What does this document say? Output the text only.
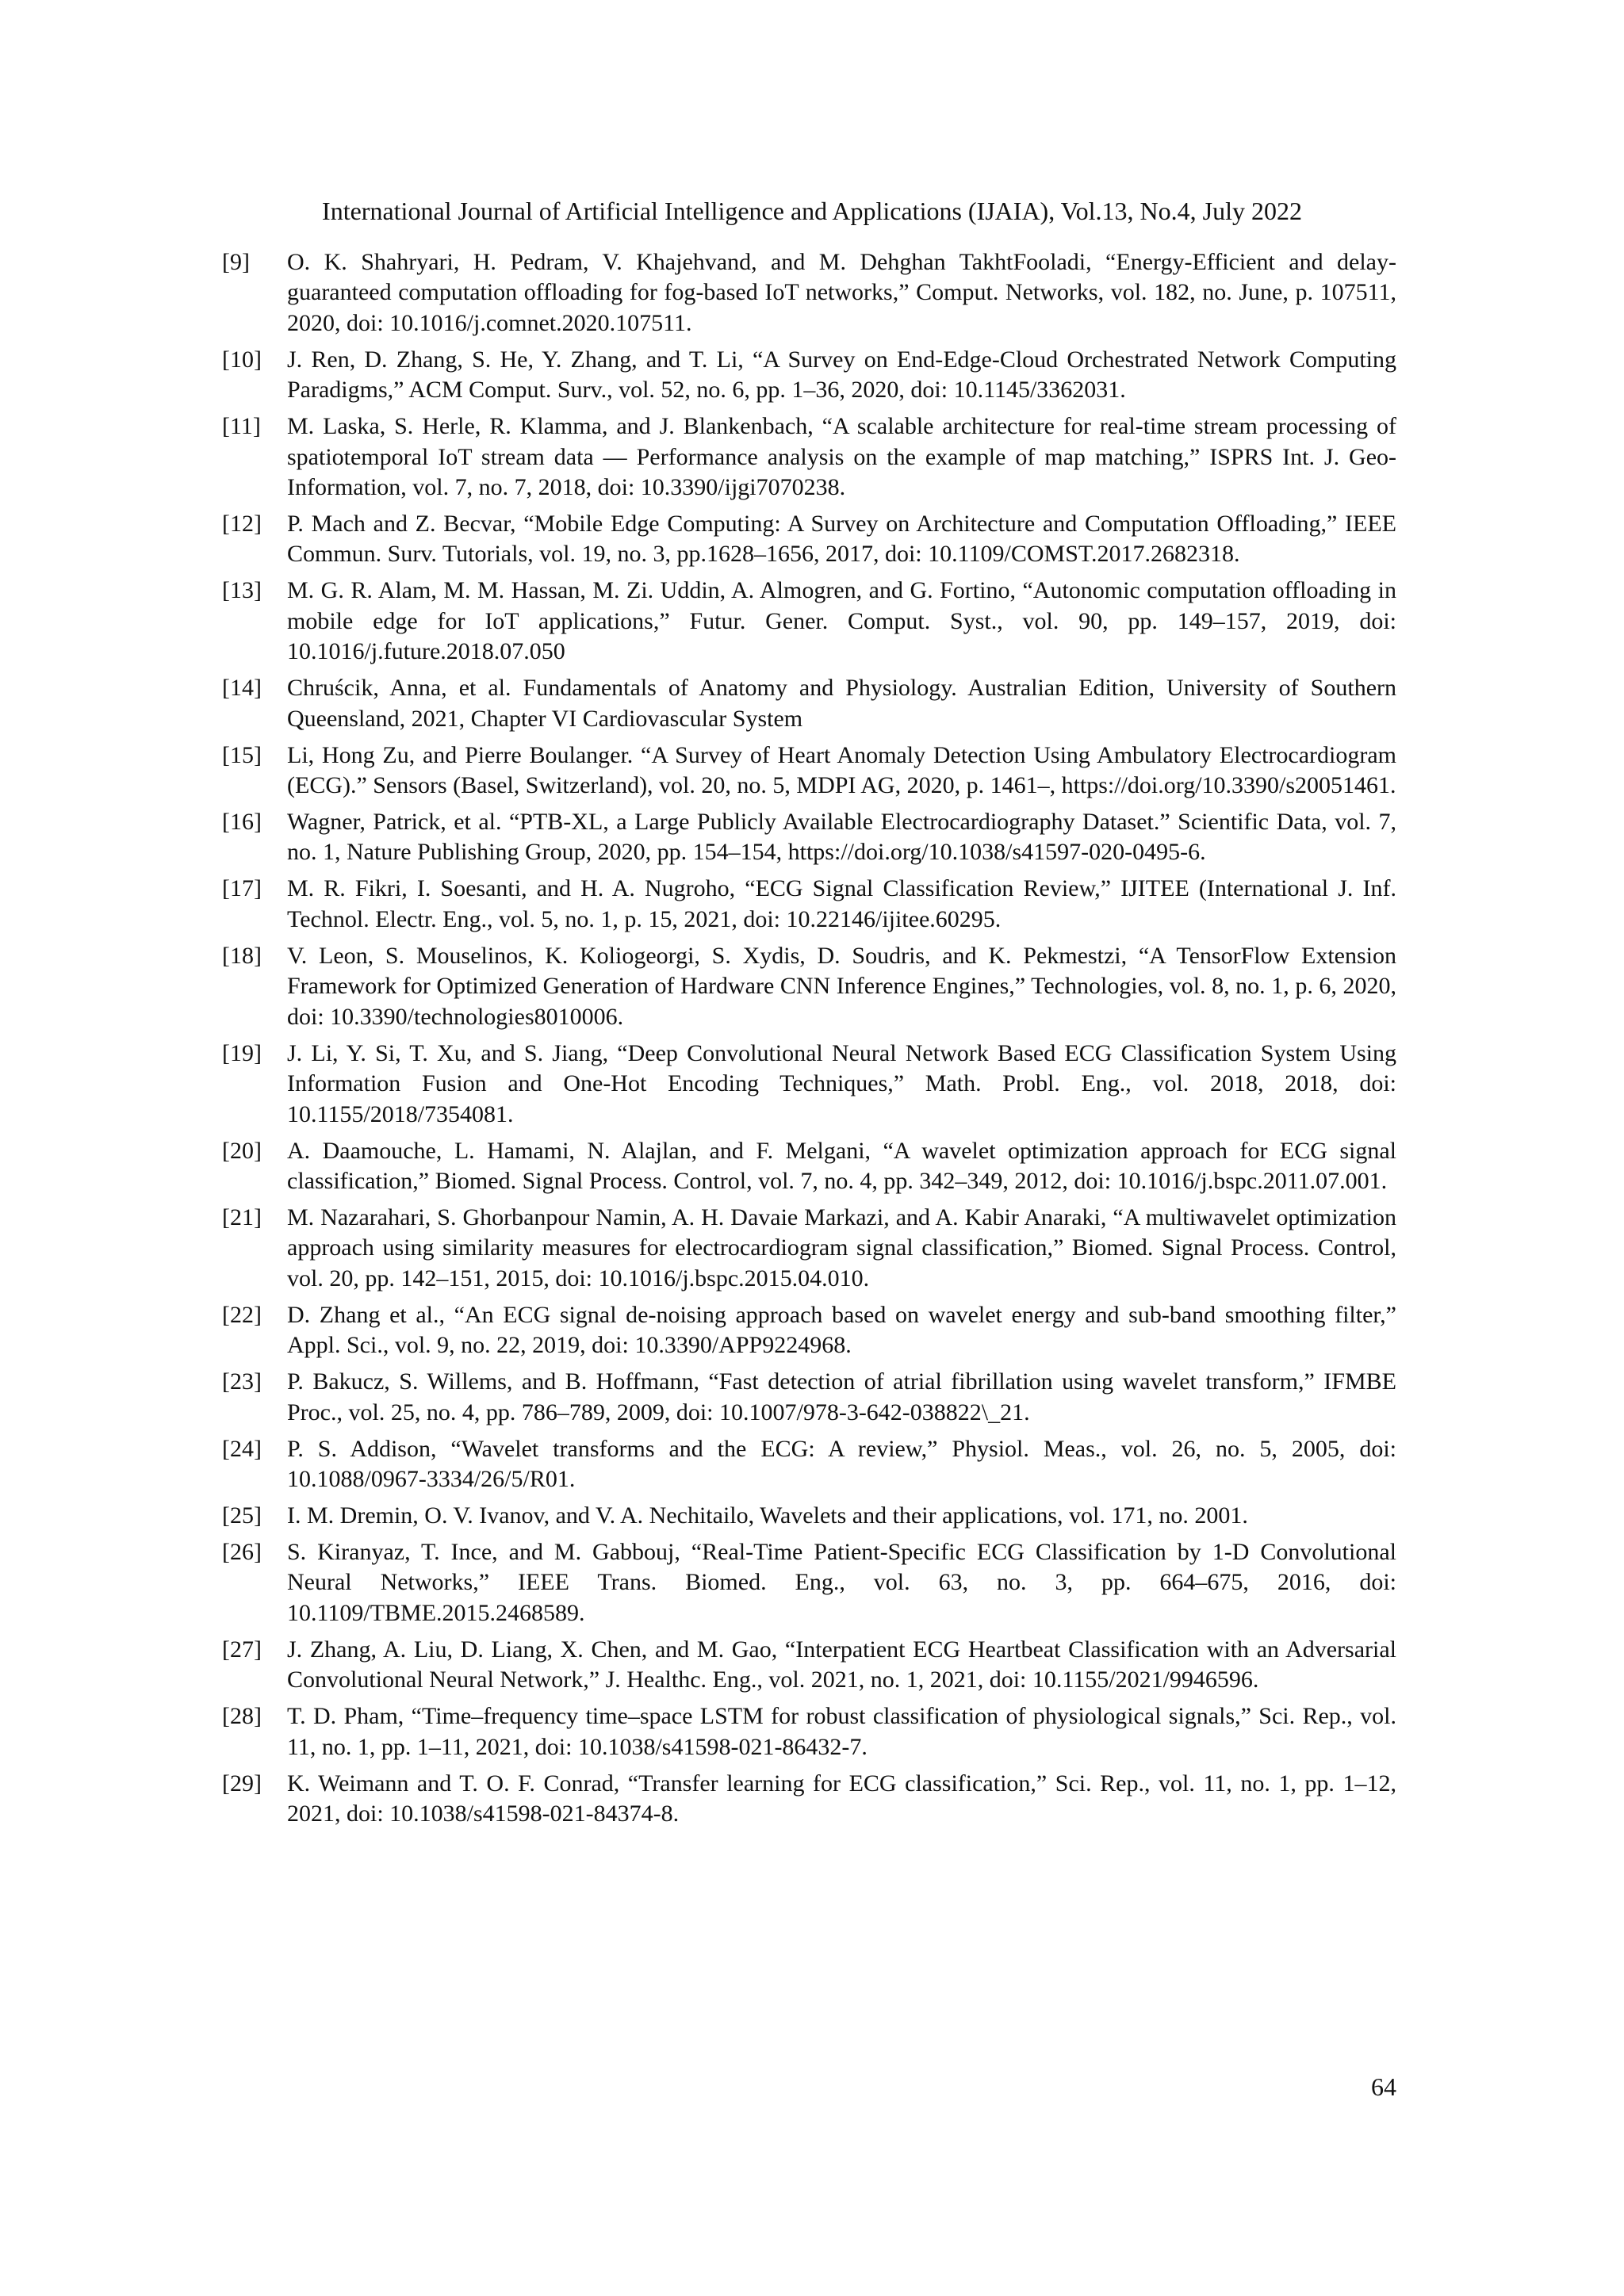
International Journal of Artificial Intelligence and Applications (IJAIA), Vol.13, No.4, July 2022
[9]	O. K. Shahryari, H. Pedram, V. Khajehvand, and M. Dehghan TakhtFooladi, “Energy-Efficient and delay-guaranteed computation offloading for fog-based IoT networks,” Comput. Networks, vol. 182, no. June, p. 107511, 2020, doi: 10.1016/j.comnet.2020.107511.
[10]	J. Ren, D. Zhang, S. He, Y. Zhang, and T. Li, “A Survey on End-Edge-Cloud Orchestrated Network Computing Paradigms,” ACM Comput. Surv., vol. 52, no. 6, pp. 1–36, 2020, doi: 10.1145/3362031.
[11]	M. Laska, S. Herle, R. Klamma, and J. Blankenbach, “A scalable architecture for real-time stream processing of spatiotemporal IoT stream data — Performance analysis on the example of map matching,” ISPRS Int. J. Geo-Information, vol. 7, no. 7, 2018, doi: 10.3390/ijgi7070238.
[12]	P. Mach and Z. Becvar, “Mobile Edge Computing: A Survey on Architecture and Computation Offloading,” IEEE Commun. Surv. Tutorials, vol. 19, no. 3, pp.1628–1656, 2017, doi: 10.1109/COMST.2017.2682318.
[13]	M. G. R. Alam, M. M. Hassan, M. Zi. Uddin, A. Almogren, and G. Fortino, “Autonomic computation offloading in mobile edge for IoT applications,” Futur. Gener. Comput. Syst., vol. 90, pp. 149–157, 2019, doi: 10.1016/j.future.2018.07.050
[14]	Chruścik, Anna, et al. Fundamentals of Anatomy and Physiology. Australian Edition, University of Southern Queensland, 2021, Chapter VI Cardiovascular System
[15]	Li, Hong Zu, and Pierre Boulanger. “A Survey of Heart Anomaly Detection Using Ambulatory Electrocardiogram (ECG).” Sensors (Basel, Switzerland), vol. 20, no. 5, MDPI AG, 2020, p. 1461–, https://doi.org/10.3390/s20051461.
[16]	Wagner, Patrick, et al. “PTB-XL, a Large Publicly Available Electrocardiography Dataset.” Scientific Data, vol. 7, no. 1, Nature Publishing Group, 2020, pp. 154–154, https://doi.org/10.1038/s41597-020-0495-6.
[17]	M. R. Fikri, I. Soesanti, and H. A. Nugroho, “ECG Signal Classification Review,” IJITEE (International J. Inf. Technol. Electr. Eng., vol. 5, no. 1, p. 15, 2021, doi: 10.22146/ijitee.60295.
[18]	V. Leon, S. Mouselinos, K. Koliogeorgi, S. Xydis, D. Soudris, and K. Pekmestzi, “A TensorFlow Extension Framework for Optimized Generation of Hardware CNN Inference Engines,” Technologies, vol. 8, no. 1, p. 6, 2020, doi: 10.3390/technologies8010006.
[19]	J. Li, Y. Si, T. Xu, and S. Jiang, “Deep Convolutional Neural Network Based ECG Classification System Using Information Fusion and One-Hot Encoding Techniques,” Math. Probl. Eng., vol. 2018, 2018, doi: 10.1155/2018/7354081.
[20]	A. Daamouche, L. Hamami, N. Alajlan, and F. Melgani, “A wavelet optimization approach for ECG signal classification,” Biomed. Signal Process. Control, vol. 7, no. 4, pp. 342–349, 2012, doi: 10.1016/j.bspc.2011.07.001.
[21]	M. Nazarahari, S. Ghorbanpour Namin, A. H. Davaie Markazi, and A. Kabir Anaraki, “A multiwavelet optimization approach using similarity measures for electrocardiogram signal classification,” Biomed. Signal Process. Control, vol. 20, pp. 142–151, 2015, doi: 10.1016/j.bspc.2015.04.010.
[22]	D. Zhang et al., “An ECG signal de-noising approach based on wavelet energy and sub-band smoothing filter,” Appl. Sci., vol. 9, no. 22, 2019, doi: 10.3390/APP9224968.
[23]	P. Bakucz, S. Willems, and B. Hoffmann, “Fast detection of atrial fibrillation using wavelet transform,” IFMBE Proc., vol. 25, no. 4, pp. 786–789, 2009, doi: 10.1007/978-3-642-038822\_21.
[24]	P. S. Addison, “Wavelet transforms and the ECG: A review,” Physiol. Meas., vol. 26, no. 5, 2005, doi: 10.1088/0967-3334/26/5/R01.
[25]	I. M. Dremin, O. V. Ivanov, and V. A. Nechitailo, Wavelets and their applications, vol. 171, no. 2001.
[26]	S. Kiranyaz, T. Ince, and M. Gabbouj, “Real-Time Patient-Specific ECG Classification by 1-D Convolutional Neural Networks,” IEEE Trans. Biomed. Eng., vol. 63, no. 3, pp. 664–675, 2016, doi: 10.1109/TBME.2015.2468589.
[27]	J. Zhang, A. Liu, D. Liang, X. Chen, and M. Gao, “Interpatient ECG Heartbeat Classification with an Adversarial Convolutional Neural Network,” J. Healthc. Eng., vol. 2021, no. 1, 2021, doi: 10.1155/2021/9946596.
[28]	T. D. Pham, “Time–frequency time–space LSTM for robust classification of physiological signals,” Sci. Rep., vol. 11, no. 1, pp. 1–11, 2021, doi: 10.1038/s41598-021-86432-7.
[29]	K. Weimann and T. O. F. Conrad, “Transfer learning for ECG classification,” Sci. Rep., vol. 11, no. 1, pp. 1–12, 2021, doi: 10.1038/s41598-021-84374-8.
64
